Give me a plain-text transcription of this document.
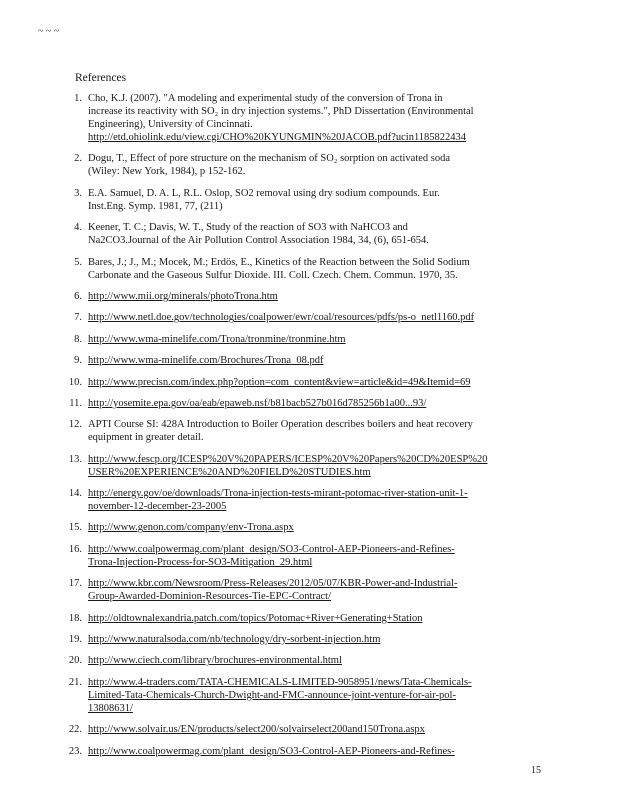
~ ~ ~
References
1. Cho, K.J. (2007). "A modeling and experimental study of the conversion of Trona in
increase its reactivity with SO₂ in dry injection systems.", PhD Dissertation (Environmental
Engineering), University of Cincinnati.
http://etd.ohiolink.edu/view.cgi/CHO%20KYUNGMIN%20JACOB.pdf?ucin1185822434
2. Dogu, T., Effect of pore structure on the mechanism of SO₂ sorption on activated soda
(Wiley: New York, 1984), p 152-162.
3. E.A. Samuel, D. A. L, R.L. Oslop, SO2 removal using dry sodium compounds. Eur.
Inst.Eng. Symp. 1981, 77, (211)
4. Keener, T. C.; Davis, W. T., Study of the reaction of SO3 with NaHCO3 and
Na2CO3.Journal of the Air Pollution Control Association 1984, 34, (6), 651-654.
5. Bares, J.; J., M.; Mocek, M.; Erdös, E., Kinetics of the Reaction between the Solid Sodium
Carbonate and the Gaseous Sulfur Dioxide. III. Coll. Czech. Chem. Commun. 1970, 35.
6. http://www.mii.org/minerals/photoTrona.htm
7. http://www.netl.doe.gov/technologies/coalpower/ewr/coal/resources/pdfs/ps-o_netl1160.pdf
8. http://www.wma-minelife.com/Trona/tronmine/tronmine.htm
9. http://www.wma-minelife.com/Brochures/Trona_08.pdf
10. http://www.precisn.com/index.php?option=com_content&view=article&id=49&Itemid=69
11. http://yosemite.epa.gov/oa/eab/epaweb.nsf/b81bacb527b016d785256b1a00...93/
12. APTI Course SI: 428A Introduction to Boiler Operation describes boilers and heat recovery
equipment in greater detail.
13. http://www.fescp.org/ICESP%20V%20PAPERS/ICESP%20V%20Papers%20CD%20ESP%20
USER%20EXPERIENCE%20AND%20FIELD%20STUDIES.htm
14. http://energy.gov/oe/downloads/Trona-injection-tests-mirant-potomac-river-station-unit-1-
november-12-december-23-2005
15. http://www.genon.com/company/env-Trona.aspx
16. http://www.coalpowermag.com/plant_design/SO3-Control-AEP-Pioneers-and-Refines-
Trona-Injection-Process-for-SO3-Mitigation_29.html
17. http://www.kbr.com/Newsroom/Press-Releases/2012/05/07/KBR-Power-and-Industrial-
Group-Awarded-Dominion-Resources-Tie-EPC-Contract/
18. http://oldtownalexandria.patch.com/topics/Potomac+River+Generating+Station
19. http://www.naturalsoda.com/nb/technology/dry-sorbent-injection.htm
20. http://www.ciech.com/library/brochures-environmental.html
21. http://www.4-traders.com/TATA-CHEMICALS-LIMITED-9058951/news/Tata-Chemicals-
Limited-Tata-Chemicals-Church-Dwight-and-FMC-announce-joint-venture-for-air-pol-
13808631/
22. http://www.solvair.us/EN/products/select200/solvairselect200and150Trona.aspx
23. http://www.coalpowermag.com/plant_design/SO3-Control-AEP-Pioneers-and-Refines-
15
